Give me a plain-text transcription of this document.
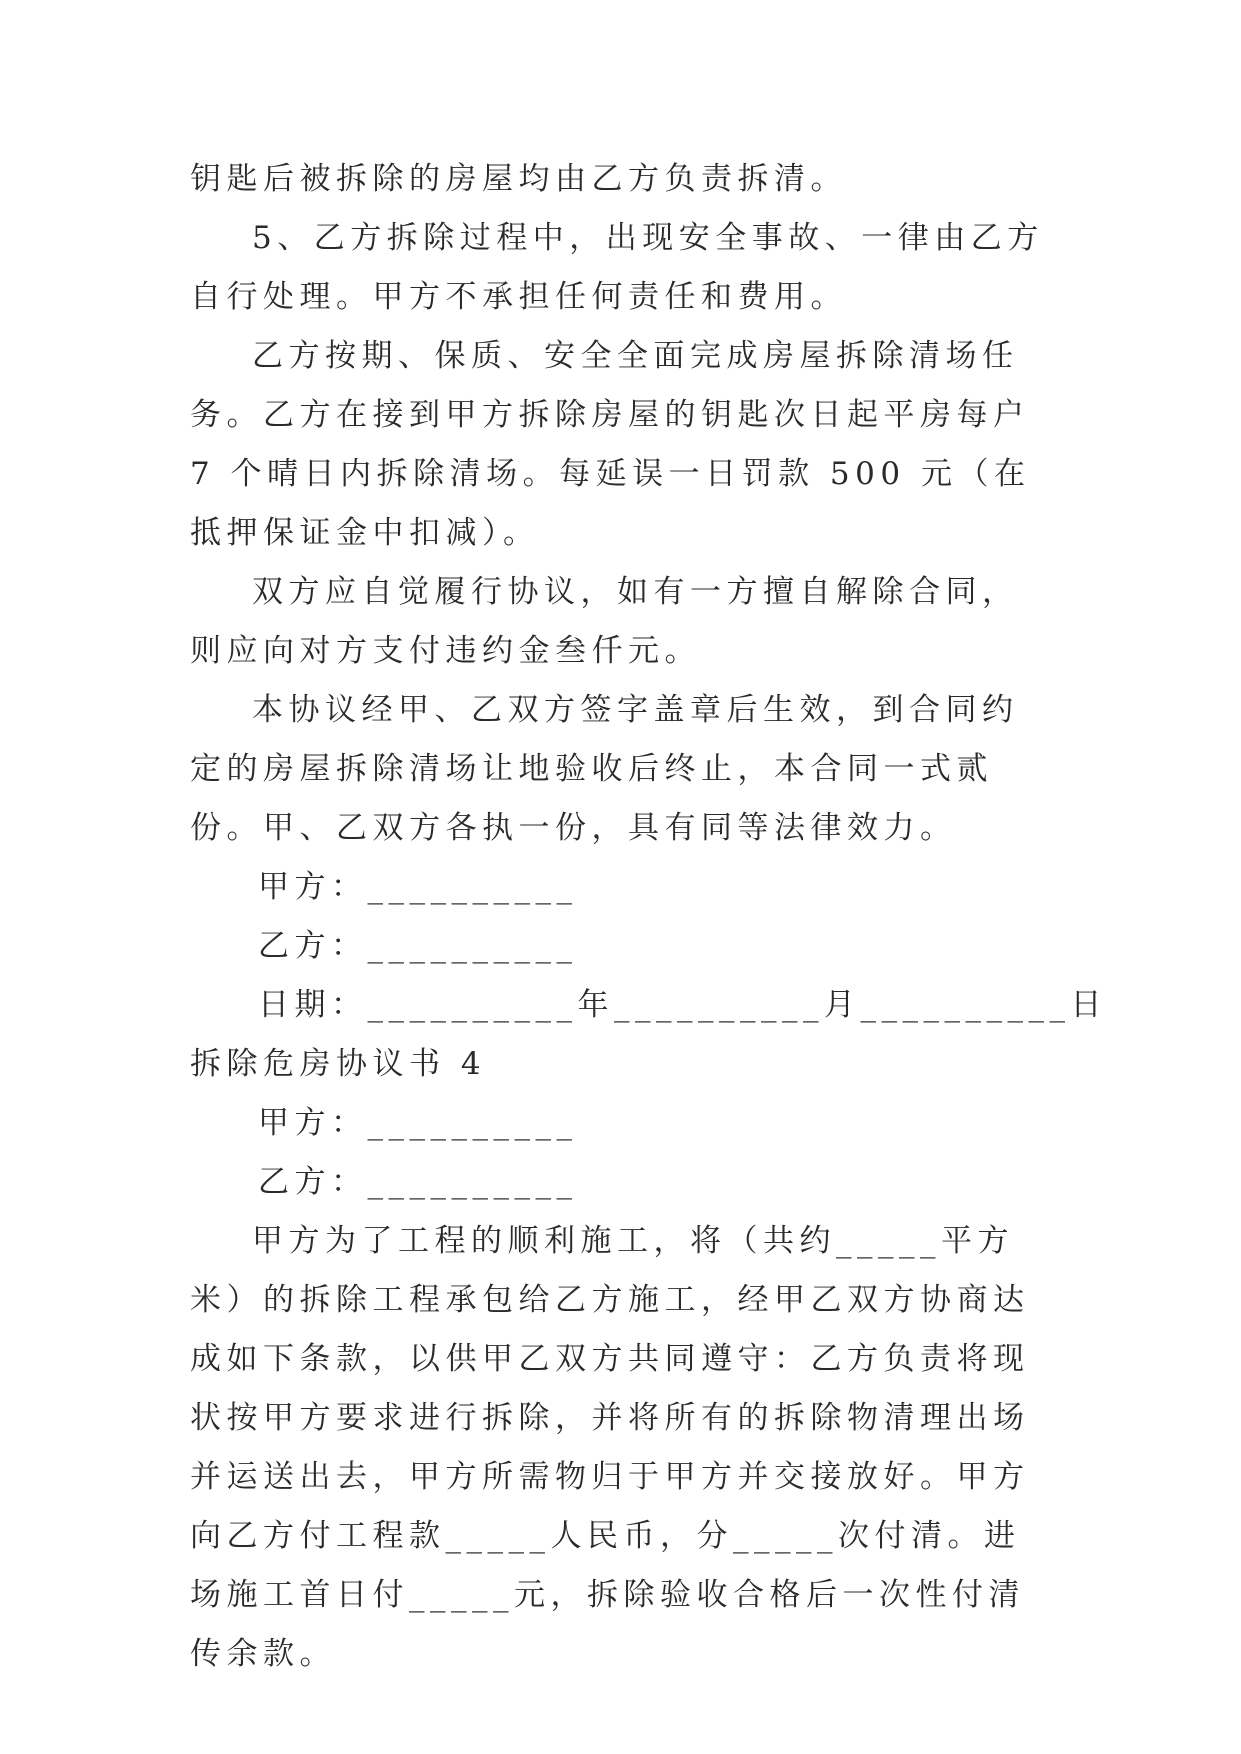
钥匙后被拆除的房屋均由乙方负责拆清。

5、乙方拆除过程中，出现安全事故、一律由乙方自行处理。甲方不承担任何责任和费用。

乙方按期、保质、安全全面完成房屋拆除清场任务。乙方在接到甲方拆除房屋的钥匙次日起平房每户 7 个晴日内拆除清场。每延误一日罚款 500 元（在抵押保证金中扣减）。

双方应自觉履行协议，如有一方擅自解除合同，则应向对方支付违约金叁仟元。

本协议经甲、乙双方签字盖章后生效，到合同约定的房屋拆除清场让地验收后终止，本合同一式贰份。甲、乙双方各执一份，具有同等法律效力。

甲方：__________

乙方：__________

日期：__________年__________月__________日

拆除危房协议书 4

甲方：__________

乙方：__________

甲方为了工程的顺利施工，将（共约_____平方米）的拆除工程承包给乙方施工，经甲乙双方协商达成如下条款，以供甲乙双方共同遵守：乙方负责将现状按甲方要求进行拆除，并将所有的拆除物清理出场并运送出去，甲方所需物归于甲方并交接放好。甲方向乙方付工程款_____人民币，分_____次付清。进场施工首日付_____元，拆除验收合格后一次性付清传余款。
